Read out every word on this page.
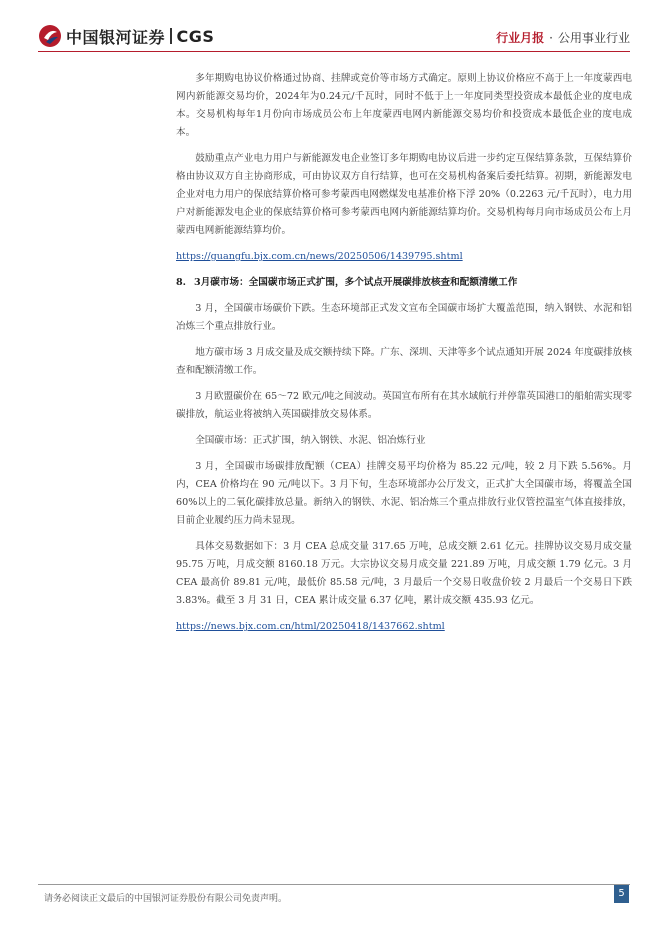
中国银河证券 CGS	行业月报 · 公用事业行业

多年期购电协议价格通过协商、挂牌或竞价等市场方式确定。原则上协议价格应不高于上一年度蒙西电网内新能源交易均价，2024年为0.24元/千瓦时，同时不低于上一年度同类型投资成本最低企业的度电成本。交易机构每年1月份向市场成员公布上年度蒙西电网内新能源交易均价和投资成本最低企业的度电成本。

鼓励重点产业电力用户与新能源发电企业签订多年期购电协议后进一步约定互保结算条款，互保结算价格由协议双方自主协商形成，可由协议双方自行结算，也可在交易机构备案后委托结算。初期，新能源发电企业对电力用户的保底结算价格可参考蒙西电网燃煤发电基准价格下浮 20%（0.2263 元/千瓦时），电力用户对新能源发电企业的保底结算价格可参考蒙西电网内新能源结算均价。交易机构每月向市场成员公布上月蒙西电网新能源结算均价。

https://guangfu.bjx.com.cn/news/20250506/1439795.shtml
8. 3月碳市场：全国碳市场正式扩围，多个试点开展碳排放核查和配额清缴工作

3 月，全国碳市场碳价下跌。生态环境部正式发文宣布全国碳市场扩大覆盖范围，纳入钢铁、水泥和铝冶炼三个重点排放行业。

地方碳市场 3 月成交量及成交额持续下降。广东、深圳、天津等多个试点通知开展 2024 年度碳排放核查和配额清缴工作。

3 月欧盟碳价在 65～72 欧元/吨之间波动。英国宣布所有在其水域航行并停靠英国港口的船舶需实现零碳排放，航运业将被纳入英国碳排放交易体系。

全国碳市场：正式扩围，纳入钢铁、水泥、铝冶炼行业

3 月，全国碳市场碳排放配额（CEA）挂牌交易平均价格为 85.22 元/吨，较 2 月下跌 5.56%。月内，CEA 价格均在 90 元/吨以下。3 月下旬，生态环境部办公厅发文，正式扩大全国碳市场，将覆盖全国 60%以上的二氧化碳排放总量。新纳入的钢铁、水泥、铝冶炼三个重点排放行业仅管控温室气体直接排放，目前企业履约压力尚未显现。

具体交易数据如下：3 月 CEA 总成交量 317.65 万吨，总成交额 2.61 亿元。挂牌协议交易月成交量 95.75 万吨，月成交额 8160.18 万元。大宗协议交易月成交量 221.89 万吨，月成交额 1.79 亿元。3 月 CEA 最高价 89.81 元/吨，最低价 85.58 元/吨，3 月最后一个交易日收盘价较 2 月最后一个交易日下跌 3.83%。截至 3 月 31 日，CEA 累计成交量 6.37 亿吨，累计成交额 435.93 亿元。

https://news.bjx.com.cn/html/20250418/1437662.shtml
请务必阅读正文最后的中国银河证券股份有限公司免责声明。	5
